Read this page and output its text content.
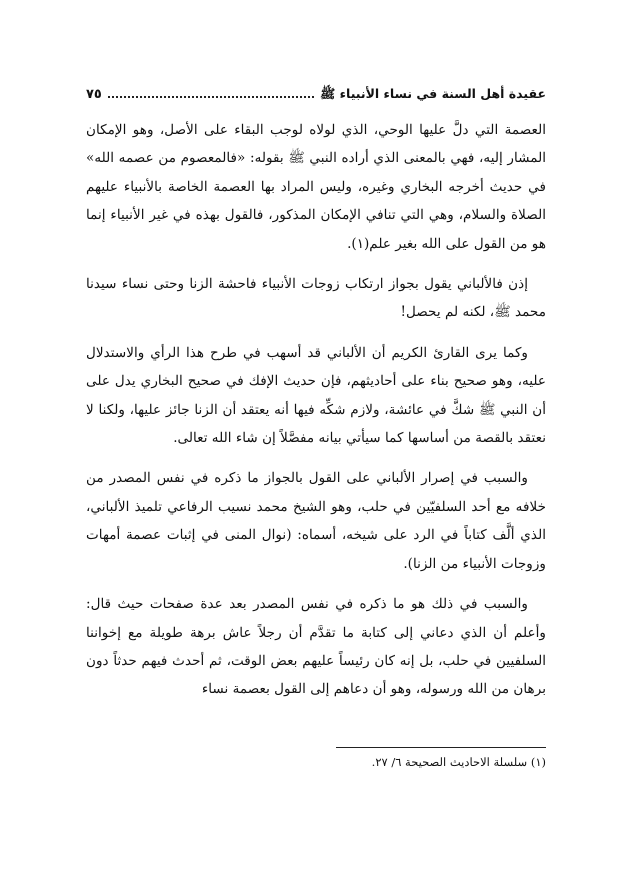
عقيدة أهل السنة في نساء الأنبياء ﷺ
٧٥

العصمة التي دلَّ عليها الوحي، الذي لولاه لوجب البقاء على الأصل، وهو الإمكان المشار إليه، فهي بالمعنى الذي أراده النبي ﷺ بقوله: «فالمعصوم من عصمه الله» في حديث أخرجه البخاري وغيره، وليس المراد بها العصمة الخاصة بالأنبياء عليهم الصلاة والسلام، وهي التي تنافي الإمكان المذكور، فالقول بهذه في غير الأنبياء إنما هو من القول على الله بغير علم(١).

إذن فالألباني يقول بجواز ارتكاب زوجات الأنبياء فاحشة الزنا وحتى نساء سيدنا محمد ﷺ، لكنه لم يحصل!

وكما يرى القارئ الكريم أن الألباني قد أسهب في طرح هذا الرأي والاستدلال عليه، وهو صحيح بناء على أحاديثهم، فإن حديث الإفك في صحيح البخاري يدل على أن النبي ﷺ شكَّ في عائشة، ولازم شكِّه فيها أنه يعتقد أن الزنا جائز عليها، ولكنا لا نعتقد بالقصة من أساسها كما سيأتي بيانه مفصَّلاً إن شاء الله تعالى.

والسبب في إصرار الألباني على القول بالجواز ما ذكره في نفس المصدر من خلافه مع أحد السلفيّين في حلب، وهو الشيخ محمد نسيب الرفاعي تلميذ الألباني، الذي ألَّف كتاباً في الرد على شيخه، أسماه: (نوال المنى في إثبات عصمة أمهات وزوجات الأنبياء من الزنا).

والسبب في ذلك هو ما ذكره في نفس المصدر بعد عدة صفحات حيث قال: وأعلم أن الذي دعاني إلى كتابة ما تقدَّم أن رجلاً عاش برهة طويلة مع إخواننا السلفيين في حلب، بل إنه كان رئيساً عليهم بعض الوقت، ثم أحدث فيهم حدثاً دون برهان من الله ورسوله، وهو أن دعاهم إلى القول بعصمة نساء

(١) سلسلة الاحاديث الصحيحة ٦/ ٢٧.
